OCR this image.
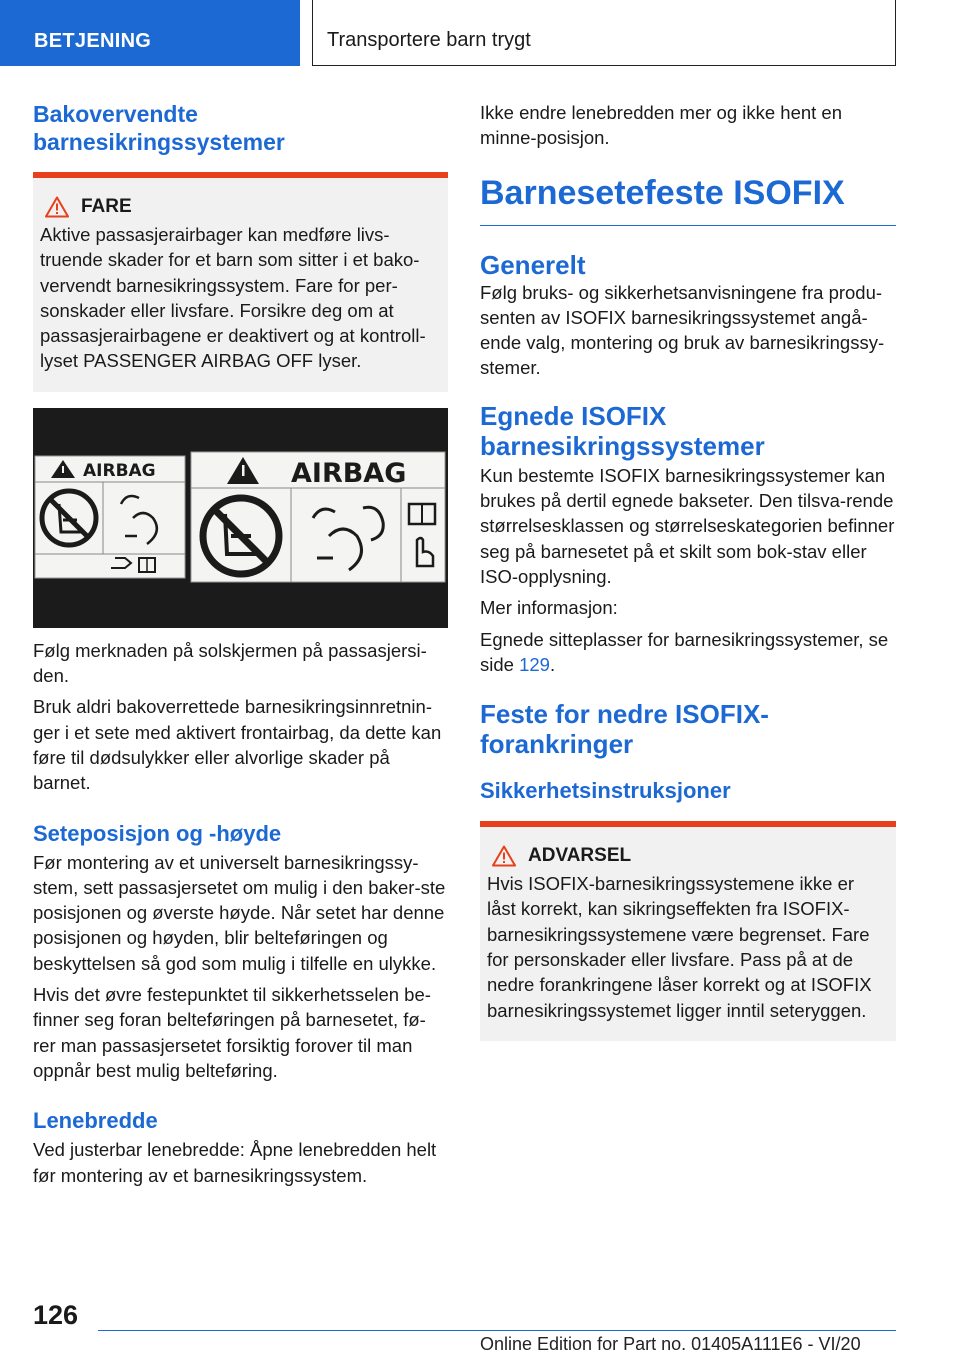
BETJENING	Transportere barn trygt
Bakovervendte barnesikringssystemer
FARE

Aktive passasjerairbager kan medføre livs-truende skader for et barn som sitter i et bako-vervendt barnesikringssystem. Fare for per-sonskader eller livsfare. Forsikre deg om at passasjerairbagene er deaktivert og at kontroll-lyset PASSENGER AIRBAG OFF lyser.

AIRBAG	AIRBAG

Følg merknaden på solskjermen på passasjersi-den.

Bruk aldri bakoverrettede barnesikringsinnretnin-ger i et sete med aktivert frontairbag, da dette kan føre til dødsulykker eller alvorlige skader på barnet.

Seteposisjon og -høyde

Før montering av et universelt barnesikringssy-stem, sett passasjersetet om mulig i den baker-ste posisjonen og øverste høyde. Når setet har denne posisjonen og høyden, blir belteføringen og beskyttelsen så god som mulig i tilfelle en ulykke.

Hvis det øvre festepunktet til sikkerhetsselen be-finner seg foran belteføringen på barnesetet, fø-rer man passasjersetet forsiktig forover til man oppnår best mulig belteføring.

Lenebredde

Ved justerbar lenebredde: Åpne lenebredden helt før montering av et barnesikringssystem.

Ikke endre lenebredden mer og ikke hent en minne-posisjon.

Barnesetefeste ISOFIX
Generelt

Følg bruks- og sikkerhetsanvisningene fra produ-senten av ISOFIX barnesikringssystemet angå-ende valg, montering og bruk av barnesikringssy-stemer.

Egnede ISOFIX barnesikringssystemer

Kun bestemte ISOFIX barnesikringssystemer kan brukes på dertil egnede bakseter. Den tilsva-rende størrelsesklassen og størrelseskategorien befinner seg på barnesetet på et skilt som bok-stav eller ISO-opplysning.

Mer informasjon:

Egnede sitteplasser for barnesikringssystemer, se side 129.

Feste for nedre ISOFIX-forankringer
Sikkerhetsinstruksjoner
ADVARSEL

Hvis ISOFIX-barnesikringssystemene ikke er låst korrekt, kan sikringseffekten fra ISOFIX-barnesikringssystemene være begrenset. Fare for personskader eller livsfare. Pass på at de nedre forankringene låser korrekt og at ISOFIX barnesikringssystemet ligger inntil seteryggen.

126
Online Edition for Part no. 01405A111E6 - VI/20
